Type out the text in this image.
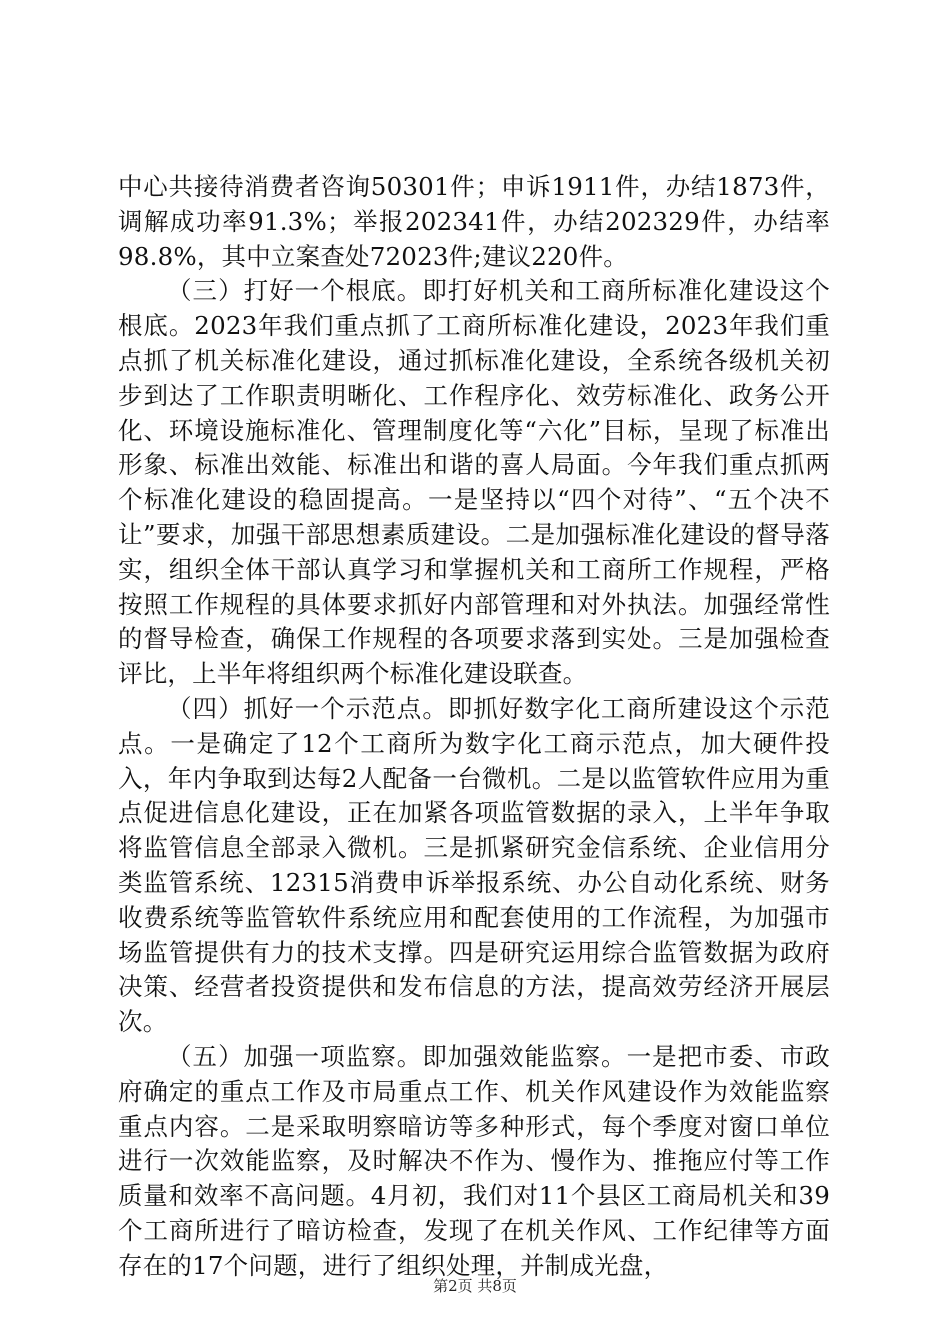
中心共接待消费者咨询50301件；申诉1911件，办结1873件，调解成功率91.3%；举报202341件，办结202329件，办结率98.8%，其中立案查处72023件;建议220件。

（三）打好一个根底。即打好机关和工商所标准化建设这个根底。2023年我们重点抓了工商所标准化建设，2023年我们重点抓了机关标准化建设，通过抓标准化建设，全系统各级机关初步到达了工作职责明晰化、工作程序化、效劳标准化、政务公开化、环境设施标准化、管理制度化等“六化”目标，呈现了标准出形象、标准出效能、标准出和谐的喜人局面。今年我们重点抓两个标准化建设的稳固提高。一是坚持以“四个对待”、“五个决不让”要求，加强干部思想素质建设。二是加强标准化建设的督导落实，组织全体干部认真学习和掌握机关和工商所工作规程，严格按照工作规程的具体要求抓好内部管理和对外执法。加强经常性的督导检查，确保工作规程的各项要求落到实处。三是加强检查评比，上半年将组织两个标准化建设联查。

（四）抓好一个示范点。即抓好数字化工商所建设这个示范点。一是确定了12个工商所为数字化工商示范点，加大硬件投入，年内争取到达每2人配备一台微机。二是以监管软件应用为重点促进信息化建设，正在加紧各项监管数据的录入，上半年争取将监管信息全部录入微机。三是抓紧研究金信系统、企业信用分类监管系统、12315消费申诉举报系统、办公自动化系统、财务收费系统等监管软件系统应用和配套使用的工作流程，为加强市场监管提供有力的技术支撑。四是研究运用综合监管数据为政府决策、经营者投资提供和发布信息的方法，提高效劳经济开展层次。

（五）加强一项监察。即加强效能监察。一是把市委、市政府确定的重点工作及市局重点工作、机关作风建设作为效能监察重点内容。二是采取明察暗访等多种形式，每个季度对窗口单位进行一次效能监察，及时解决不作为、慢作为、推拖应付等工作质量和效率不高问题。4月初，我们对11个县区工商局机关和39个工商所进行了暗访检查，发现了在机关作风、工作纪律等方面存在的17个问题，进行了组织处理，并制成光盘，

第2页 共8页
